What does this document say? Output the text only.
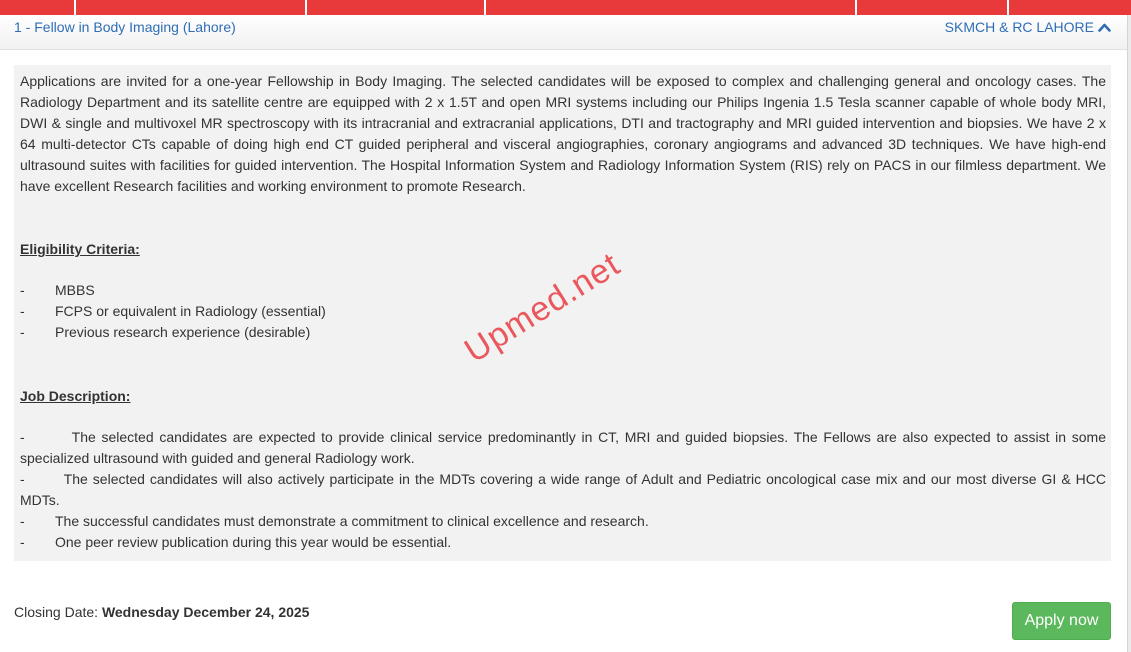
1 - Fellow in Body Imaging (Lahore)	SKMCH & RC LAHORE

Applications are invited for a one-year Fellowship in Body Imaging. The selected candidates will be exposed to complex and challenging general and oncology cases. The Radiology Department and its satellite centre are equipped with 2 x 1.5T and open MRI systems including our Philips Ingenia 1.5 Tesla scanner capable of whole body MRI, DWI & single and multivoxel MR spectroscopy with its intracranial and extracranial applications, DTI and tractography and MRI guided intervention and biopsies. We have 2 x 64 multi-detector CTs capable of doing high end CT guided peripheral and visceral angiographies, coronary angiograms and advanced 3D techniques. We have high-end ultrasound suites with facilities for guided intervention. The Hospital Information System and Radiology Information System (RIS) rely on PACS in our filmless department. We have excellent Research facilities and working environment to promote Research.

Eligibility Criteria:
- MBBS
- FCPS or equivalent in Radiology (essential)
- Previous research experience (desirable)
Job Description:
-	The selected candidates are expected to provide clinical service predominantly in CT, MRI and guided biopsies. The Fellows are also expected to assist in some specialized ultrasound with guided and general Radiology work.
-	The selected candidates will also actively participate in the MDTs covering a wide range of Adult and Pediatric oncological case mix and our most diverse GI & HCC MDTs.
- The successful candidates must demonstrate a commitment to clinical excellence and research.
- One peer review publication during this year would be essential.
Upmed.net
Closing Date: Wednesday December 24, 2025	Apply now
